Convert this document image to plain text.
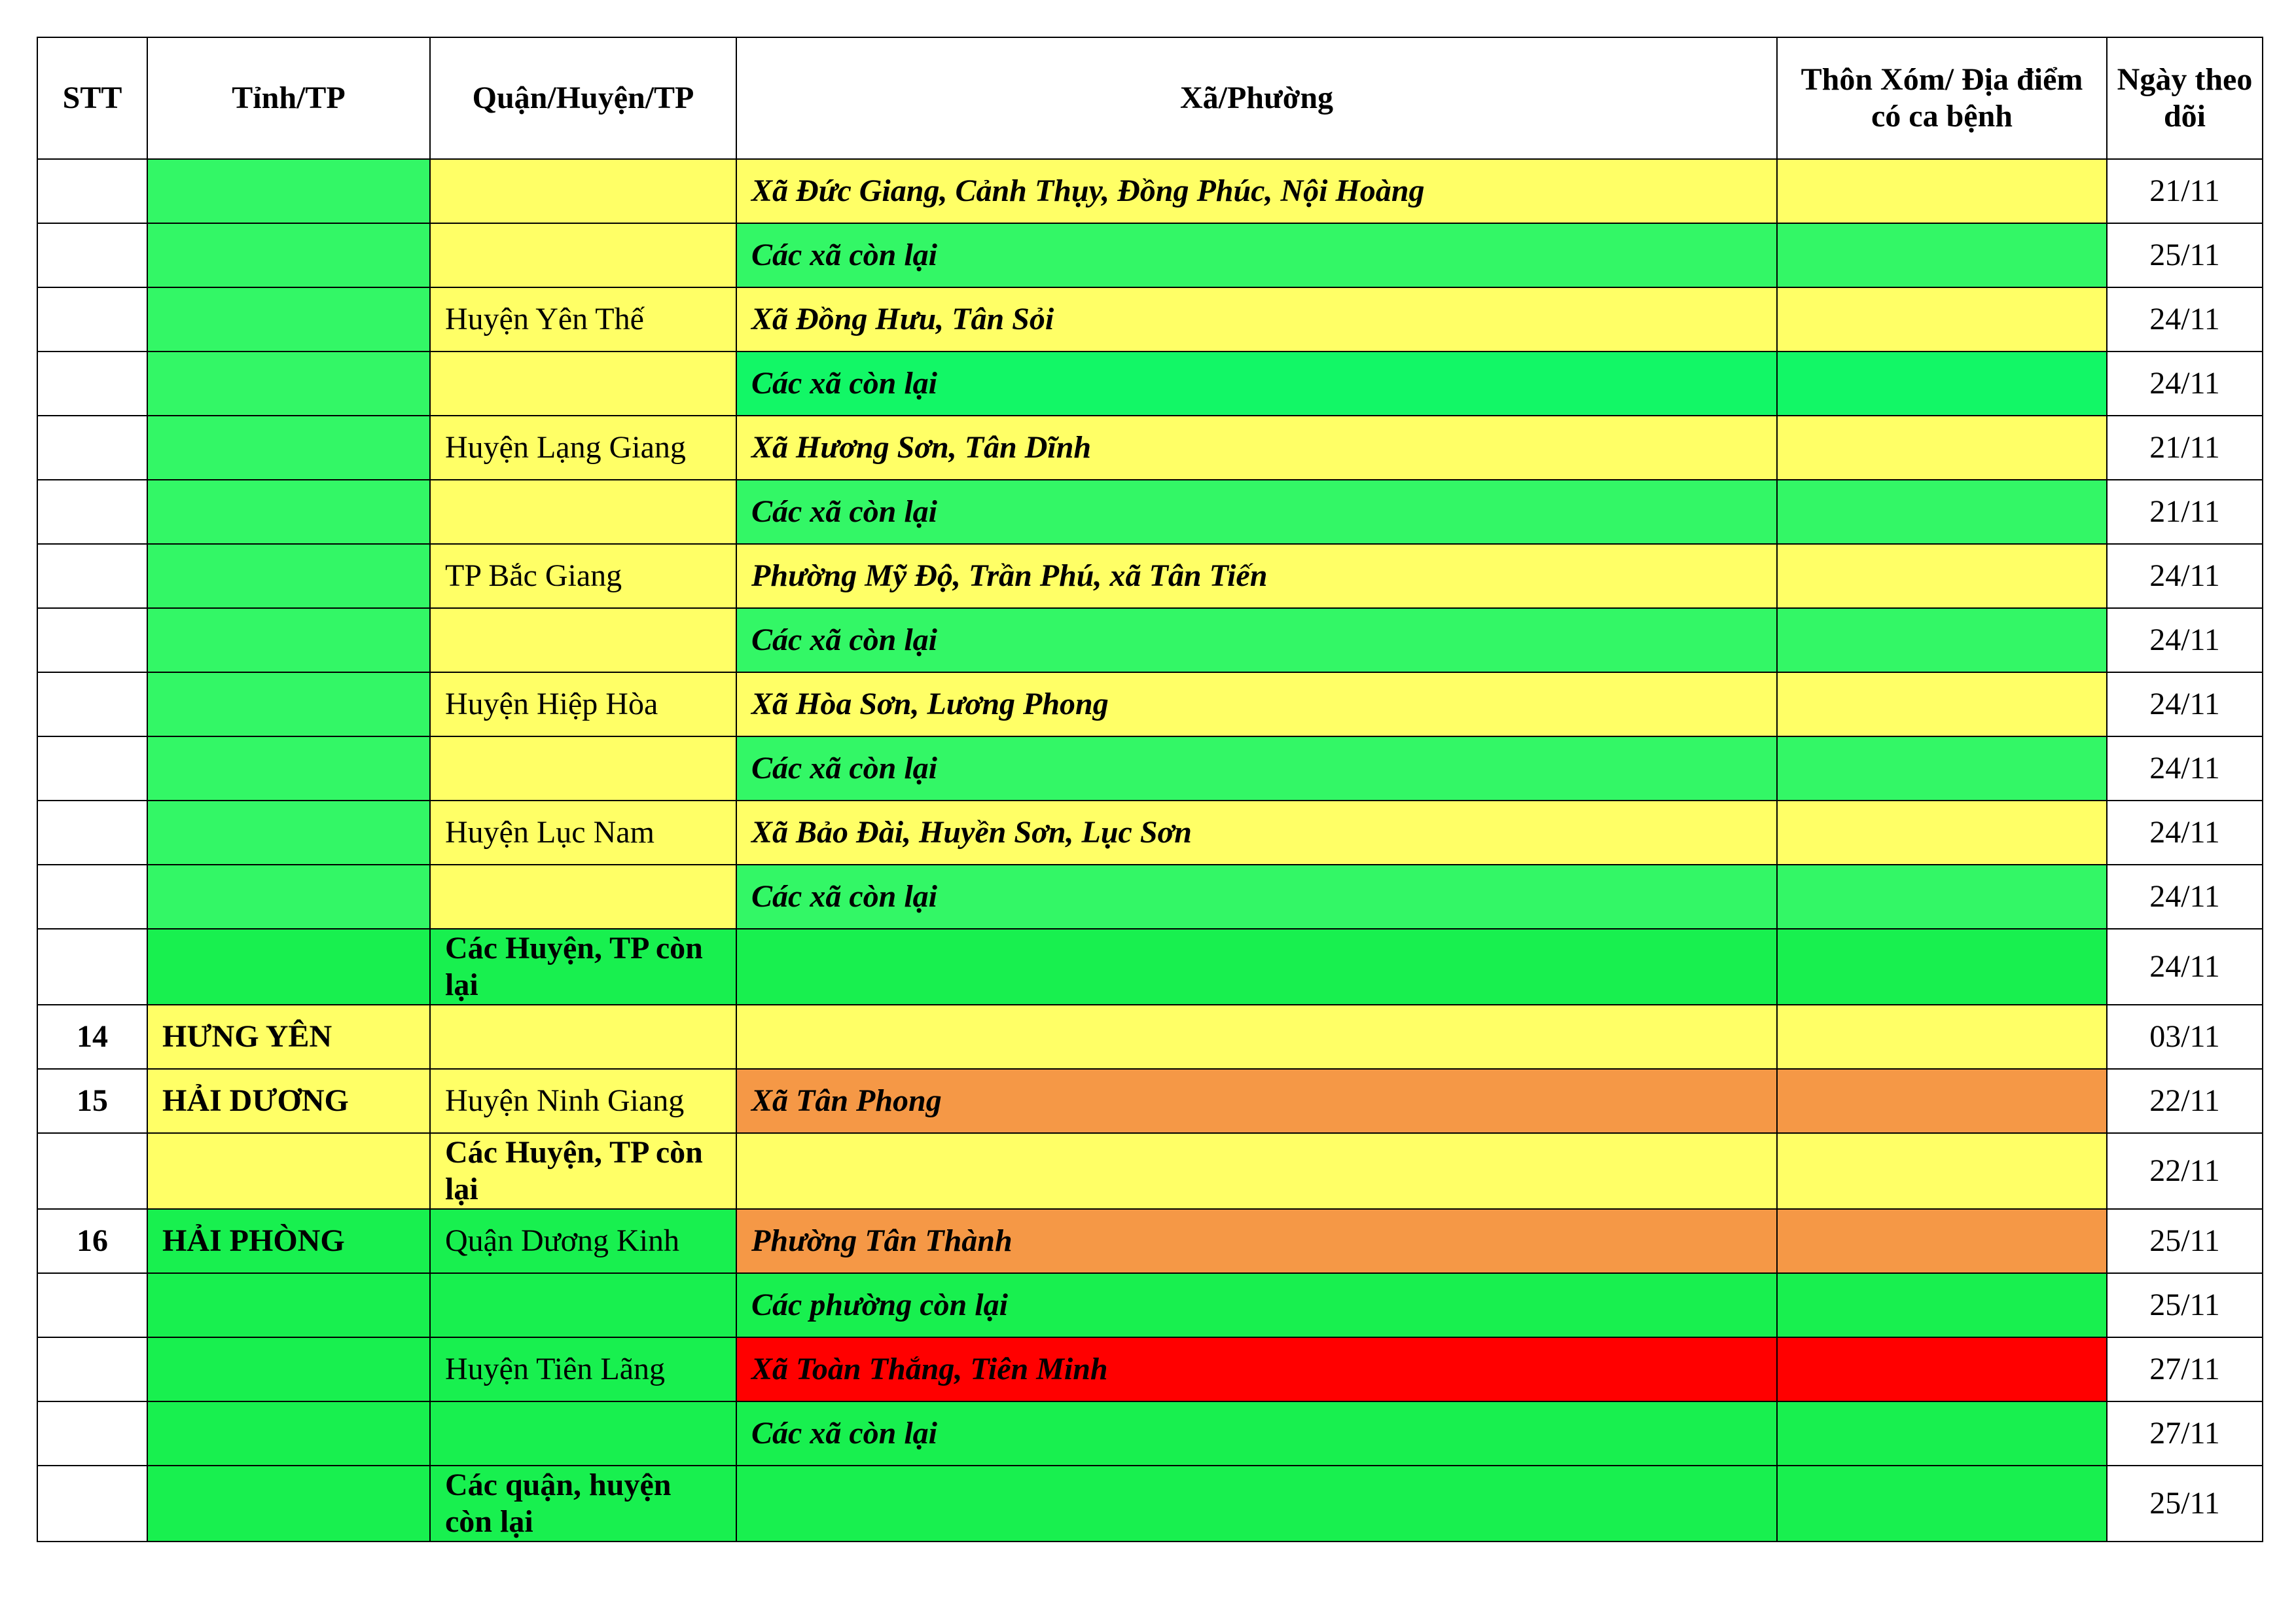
STT	Tỉnh/TP	Quận/Huyện/TP	Xã/Phường	Thôn Xóm/ Địa điểm có ca bệnh	Ngày theo dõi
			Xã Đức Giang, Cảnh Thụy, Đồng Phúc, Nội Hoàng		21/11
			Các xã còn lại		25/11
		Huyện Yên Thế	Xã Đồng Hưu, Tân Sỏi		24/11
			Các xã còn lại		24/11
		Huyện Lạng Giang	Xã Hương Sơn, Tân Dĩnh		21/11
			Các xã còn lại		21/11
		TP Bắc Giang	Phường Mỹ Độ, Trần Phú, xã Tân Tiến		24/11
			Các xã còn lại		24/11
		Huyện Hiệp Hòa	Xã Hòa Sơn, Lương Phong		24/11
			Các xã còn lại		24/11
		Huyện Lục Nam	Xã Bảo Đài, Huyền Sơn, Lục Sơn		24/11
			Các xã còn lại		24/11
		Các Huyện, TP còn lại			24/11
14	HƯNG YÊN				03/11
15	HẢI DƯƠNG	Huyện Ninh Giang	Xã Tân Phong		22/11
		Các Huyện, TP còn lại			22/11
16	HẢI PHÒNG	Quận Dương Kinh	Phường Tân Thành		25/11
			Các phường còn lại		25/11
		Huyện Tiên Lãng	Xã Toàn Thắng, Tiên Minh		27/11
			Các xã còn lại		27/11
		Các quận, huyện còn lại			25/11
